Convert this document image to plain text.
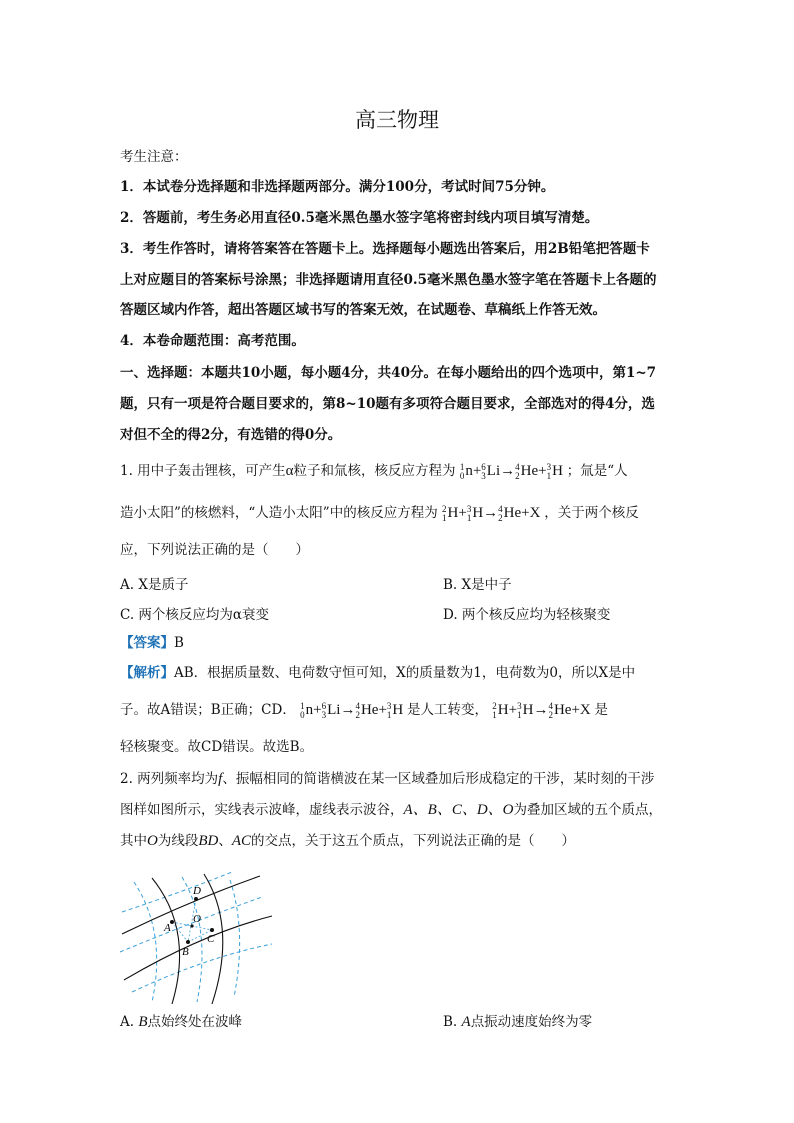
高三物理
考生注意：
1．本试卷分选择题和非选择题两部分。满分100分，考试时间75分钟。
2．答题前，考生务必用直径0.5毫米黑色墨水签字笔将密封线内项目填写清楚。
3．考生作答时，请将答案答在答题卡上。选择题每小题选出答案后，用2B铅笔把答题卡
上对应题目的答案标号涂黑；非选择题请用直径0.5毫米黑色墨水签字笔在答题卡上各题的
答题区域内作答，超出答题区域书写的答案无效，在试题卷、草稿纸上作答无效。
4．本卷命题范围：高考范围。
一、选择题：本题共10小题，每小题4分，共40分。在每小题给出的四个选项中，第1~7
题，只有一项是符合题目要求的，第8~10题有多项符合题目要求，全部选对的得4分，选
对但不全的得2分，有选错的得0分。
1. 用中子轰击锂核，可产生α粒子和氚核，核反应方程为 1
0 n+ 6
3 Li→ 4
2 He+ 3
1 H ；氚是“人
造小太阳”的核燃料，“人造小太阳”中的核反应方程为 2
1 H+ 3
1 H→ 4
2 He+X ，关于两个核反
应，下列说法正确的是（　　）
A. X是质子	B. X是中子
C. 两个核反应均为α衰变	D. 两个核反应均为轻核聚变
【答案】B
【解析】AB．根据质量数、电荷数守恒可知，X的质量数为1，电荷数为0，所以X是中
子。故A错误；B正确；CD． 1
0 n+ 6
3 Li→ 4
2 He+ 3
1 H 是人工转变， 2
1 H+ 3
1 H→ 4
2 He+X 是
轻核聚变。故CD错误。故选B。
2. 两列频率均为f、振幅相同的简谐横波在某一区域叠加后形成稳定的干涉，某时刻的干涉
图样如图所示，实线表示波峰，虚线表示波谷，A、B、C、D、O为叠加区域的五个质点，
其中O为线段BD、AC的交点，关于这五个质点，下列说法正确的是（　　）
D
O
A
C
B
A. B点始终处在波峰	B. A点振动速度始终为零
